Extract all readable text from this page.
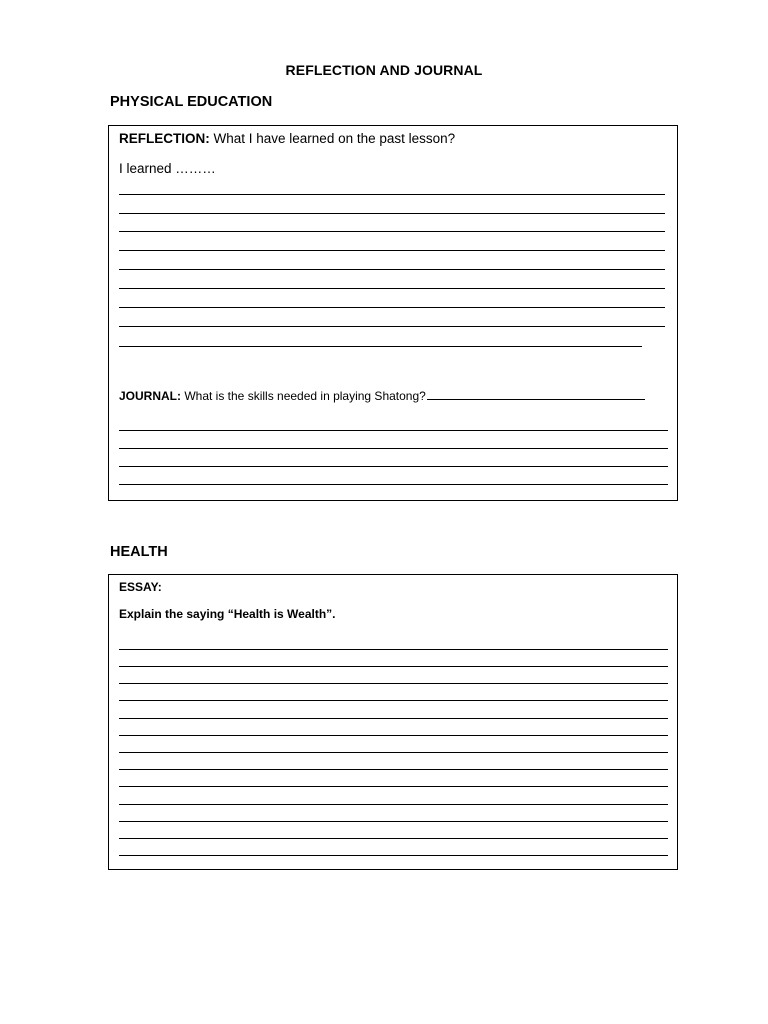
REFLECTION AND JOURNAL
PHYSICAL EDUCATION
REFLECTION: What I have learned on the past lesson?
I learned ………
JOURNAL: What is the skills needed in playing Shatong?
HEALTH
ESSAY:
Explain the saying “Health is Wealth”.
